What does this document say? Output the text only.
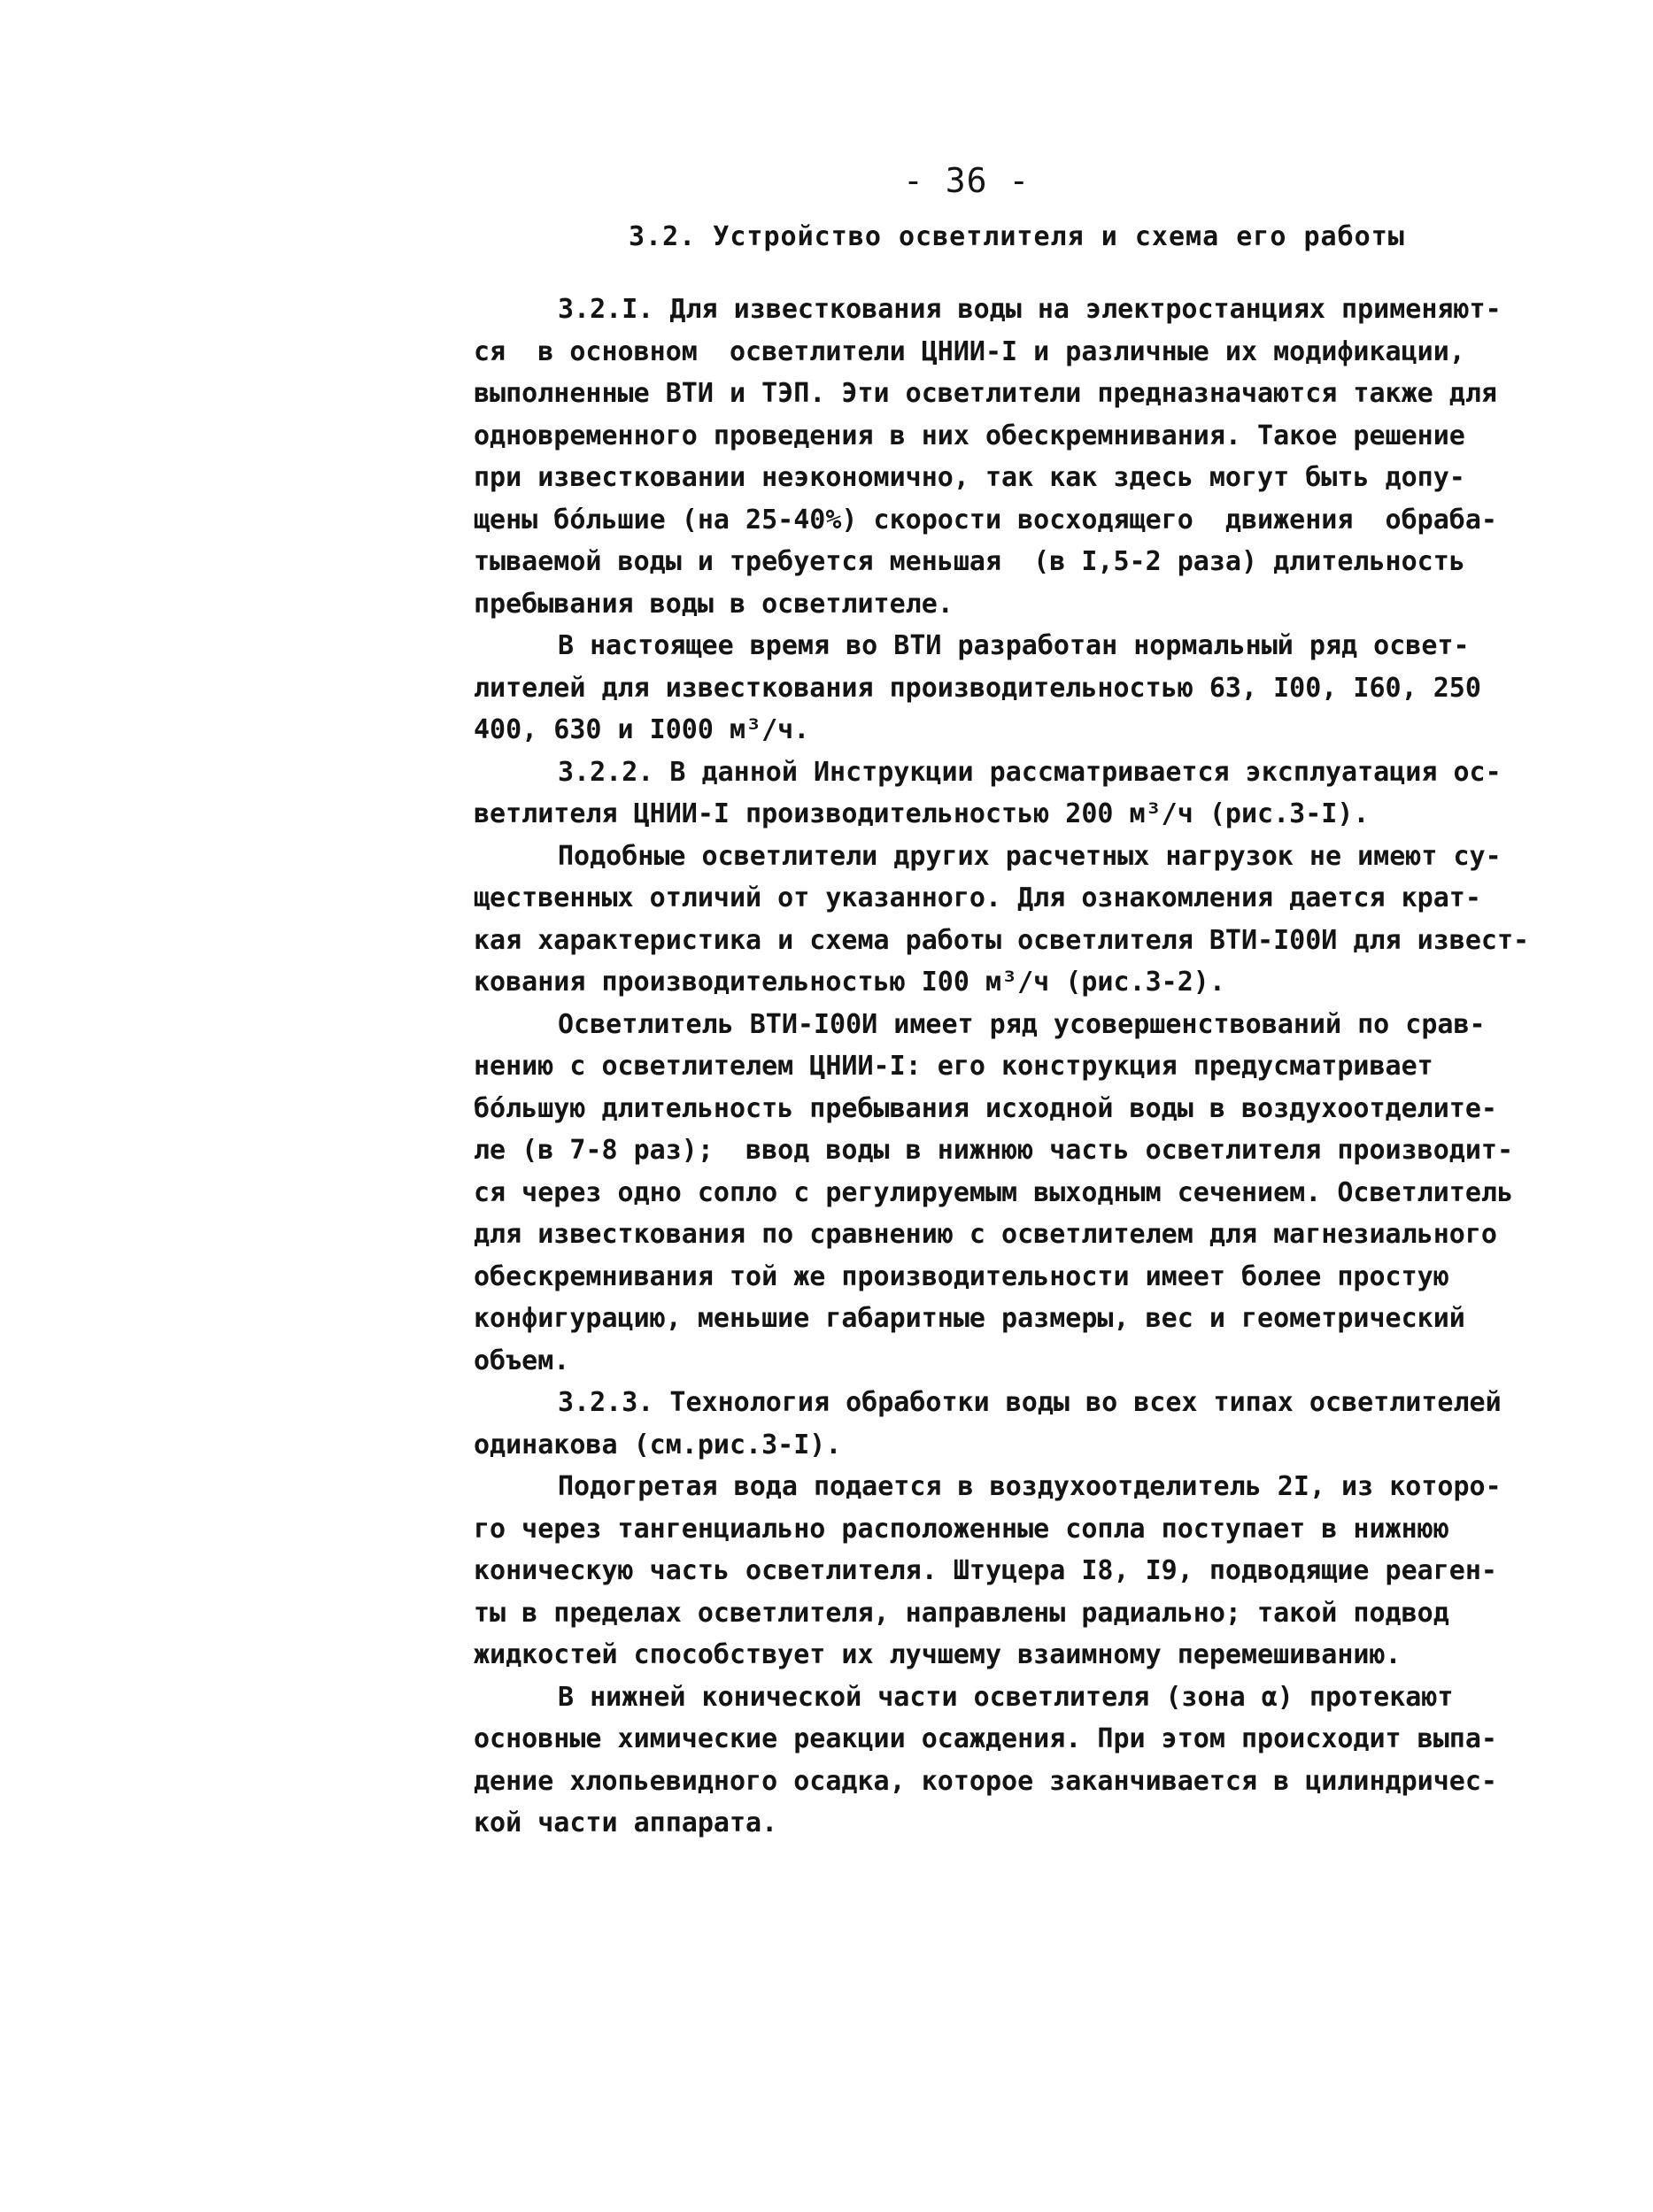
- 36 -
3.2. Устройство осветлителя и схема его работы
3.2.I. Для известкования воды на электростанциях применяют-
ся  в основном  осветлители ЦНИИ-I и различные их модификации,
выполненные ВТИ и ТЭП. Эти осветлители предназначаются также для
одновременного проведения в них обескремнивания. Такое решение
при известковании неэкономично, так как здесь могут быть допу-
щены бо́льшие (на 25-40%) скорости восходящего  движения  обраба-
тываемой воды и требуется меньшая  (в I,5-2 раза) длительность
пребывания воды в осветлителе.
В настоящее время во ВТИ разработан нормальный ряд освет-
лителей для известкования производительностью 63, I00, I60, 250
400, 630 и I000 м³/ч.
3.2.2. В данной Инструкции рассматривается эксплуатация ос-
ветлителя ЦНИИ-I производительностью 200 м³/ч (рис.3-I).
Подобные осветлители других расчетных нагрузок не имеют су-
щественных отличий от указанного. Для ознакомления дается крат-
кая характеристика и схема работы осветлителя ВТИ-I00И для извест-
кования производительностью I00 м³/ч (рис.3-2).
Осветлитель ВТИ-I00И имеет ряд усовершенствований по срав-
нению с осветлителем ЦНИИ-I: его конструкция предусматривает
бо́льшую длительность пребывания исходной воды в воздухоотделите-
ле (в 7-8 раз);  ввод воды в нижнюю часть осветлителя производит-
ся через одно сопло с регулируемым выходным сечением. Осветлитель
для известкования по сравнению с осветлителем для магнезиального
обескремнивания той же производительности имеет более простую
конфигурацию, меньшие габаритные размеры, вес и геометрический
объем.
3.2.3. Технология обработки воды во всех типах осветлителей
одинакова (см.рис.3-I).
Подогретая вода подается в воздухоотделитель 2I, из которо-
го через тангенциально расположенные сопла поступает в нижнюю
коническую часть осветлителя. Штуцера I8, I9, подводящие реаген-
ты в пределах осветлителя, направлены радиально; такой подвод
жидкостей способствует их лучшему взаимному перемешиванию.
В нижней конической части осветлителя (зона α) протекают
основные химические реакции осаждения. При этом происходит выпа-
дение хлопьевидного осадка, которое заканчивается в цилиндричес-
кой части аппарата.
